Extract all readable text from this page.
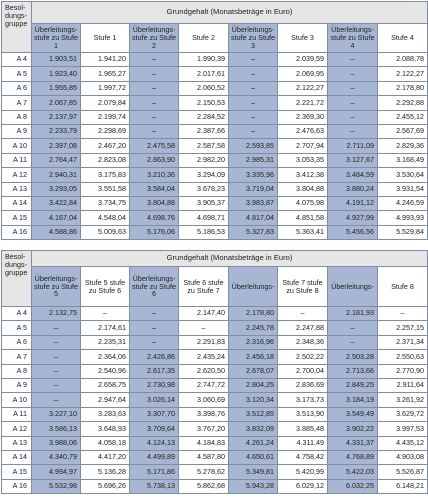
Besol-
dungs-
gruppe	Grundgehalt (Monatsbeträge in Euro)							
	Überleitungs- stufe zu Stufe 1	Stufe 1	Überleitungs- stufe zu Stufe 2	Stufe 2	Überleitungs- stufe zu Stufe 3	Stufe 3	Überleitungs- stufe zu Stufe 4	Stufe 4
A 4	1.903,51	1.941,20	–	1.990,39	–	2.039,59	–	2.088,78
A 5	1.923,40	1.965,27	–	2.017,61	–	2.069,95	–	2.122,27
A 6	1.955,85	1.997,72	–	2.060,52	–	2.122,27	–	2.178,80
A 7	2.067,85	2.079,84	–	2.150,53	–	2.221,72	–	2.292,88
A 8	2.137,97	2.199,74	–	2.284,52	–	2.369,30	–	2.455,12
A 9	2.233,79	2.298,69	–	2.387,66	–	2.476,63	–	2.567,69
A 10	2.397,08	2.467,20	2.475,58	2.587,58	2.593,85	2.707,94	2.711,09	2.829,36
A 11	2.764,47	2.823,08	2.863,90	2.982,20	2.985,31	3.053,35	3.127,67	3.168,49
A 12	2.940,31	3.175,83	3.210,36	3.294,09	3.335,96	3.412,38	3.484,59	3.530,64
A 13	3.293,05	3.551,58	3.584,04	3.678,23	3.719,04	3.804,88	3.880,24	3.931,54
A 14	3.422,84	3.734,75	3.804,88	3.905,37	3.983,87	4.075,98	4.191,12	4.246,59
A 15	4.167,04	4.548,04	4.698,76	4.698,71	4.817,04	4.851,58	4.927,99	4.993,93
A 16	4.588,86	5.009,63	5.176,06	5.186,53	5.327,83	5.363,41	5.456,56	5.529,84
Besol-
dungs-
gruppe	Grundgehalt (Monatsbeträge in Euro)							
	Überleitungs- stufe zu Stufe 5	Stufe 5 stufe zu Stufe 6	Überleitungs- stufe zu Stufe 6	Stufe 6 stufe zu Stufe 7	Überleitungs-	Stufe 7 stufe zu Stufe 8	Überleitungs-	Stufe 8
A 4	2.132,75	–	–	2.147,40	2.178,80	–	2.181,93	–
A 5	–	2.174,61	–	–	2.245,78	2.247,88	–	2.257,15
A 6	–	2.235,31	–	2.291,83	2.316,96	2.348,36	–	2.371,34
A 7	–	2.364,06	2.426,86	2.435,24	2.456,18	2.502,22	2.503,28	2.550,63
A 8	–	2.540,96	2.617,35	2.620,50	2.678,07	2.700,04	2.713,66	2.770,90
A 9	–	2.658,75	2.730,98	2.747,72	2.804,25	2.836,69	2.849,25	2.911,64
A 10	–	2.947,64	3.026,14	3.060,69	3.120,34	3.173,73	3.184,19	3.261,92
A 11	3.227,10	3.283,63	3.307,70	3.398,76	3.512,85	3.513,90	3.549,49	3.629,72
A 12	3.586,13	3.648,93	3.709,64	3.767,20	3.832,09	3.885,48	3.902,22	3.997,53
A 13	3.988,06	4.058,18	4.124,13	4.184,83	4.261,24	4.311,49	4.331,37	4.435,12
A 14	4.340,79	4.417,20	4.499,89	4.587,80	4.650,61	4.758,42	4.768,89	4.903,08
A 15	4.994,97	5.136,28	5.171,86	5.278,62	5.349,81	5.420,99	5.422,03	5.526,87
A 16	5.532,98	5.696,26	5.738,13	5.862,68	5.943,28	6.029,12	6.032,25	6.148,21
